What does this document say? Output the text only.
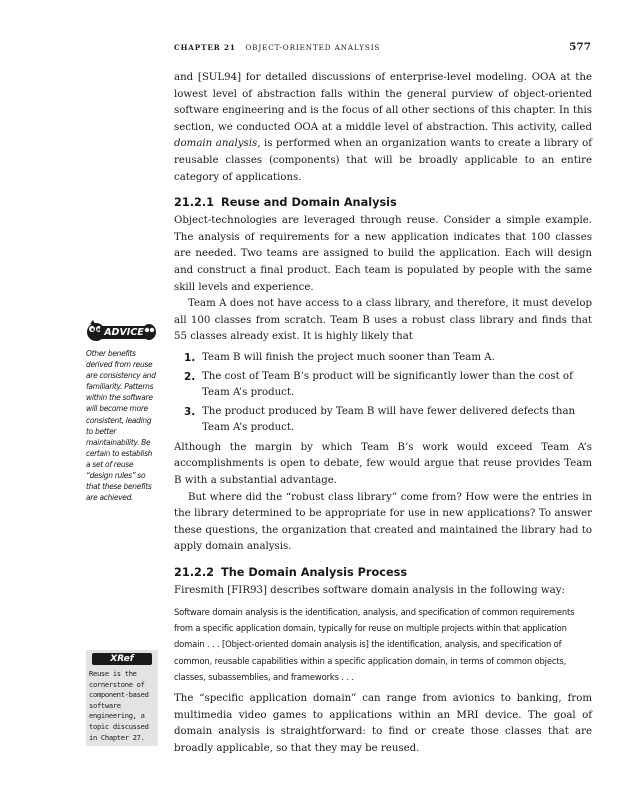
CHAPTER 21 OBJECT-ORIENTED ANALYSIS	577
ADVICE
Other benefits derived from reuse are consistency and familiarity. Patterns within the software will become more consistent, leading to better maintainability. Be certain to establish a set of reuse “design rules” so that these benefits are achieved.
XRef
Reuse is the cornerstone of component-based software engineering, a topic discussed in Chapter 27.

and [SUL94] for detailed discussions of enterprise-level modeling. OOA at the lowest level of abstraction falls within the general purview of object-oriented software engineering and is the focus of all other sections of this chapter. In this section, we conducted OOA at a middle level of abstraction. This activity, called domain analysis, is performed when an organization wants to create a library of reusable classes (components) that will be broadly applicable to an entire category of applications.

21.2.1 Reuse and Domain Analysis

Object-technologies are leveraged through reuse. Consider a simple example. The analysis of requirements for a new application indicates that 100 classes are needed. Two teams are assigned to build the application. Each will design and construct a final product. Each team is populated by people with the same skill levels and experience.

Team A does not have access to a class library, and therefore, it must develop all 100 classes from scratch. Team B uses a robust class library and finds that 55 classes already exist. It is highly likely that

1. Team B will finish the project much sooner than Team A.
2. The cost of Team B’s product will be significantly lower than the cost of Team A’s product.
3. The product produced by Team B will have fewer delivered defects than Team A’s product.

Although the margin by which Team B’s work would exceed Team A’s accomplishments is open to debate, few would argue that reuse provides Team B with a substantial advantage.

But where did the “robust class library” come from? How were the entries in the library determined to be appropriate for use in new applications? To answer these questions, the organization that created and maintained the library had to apply domain analysis.

21.2.2 The Domain Analysis Process

Firesmith [FIR93] describes software domain analysis in the following way:

Software domain analysis is the identification, analysis, and specification of common requirements from a specific application domain, typically for reuse on multiple projects within that application domain . . . [Object-oriented domain analysis is] the identification, analysis, and specification of common, reusable capabilities within a specific application domain, in terms of common objects, classes, subassemblies, and frameworks . . .

The “specific application domain” can range from avionics to banking, from multimedia video games to applications within an MRI device. The goal of domain analysis is straightforward: to find or create those classes that are broadly applicable, so that they may be reused.
